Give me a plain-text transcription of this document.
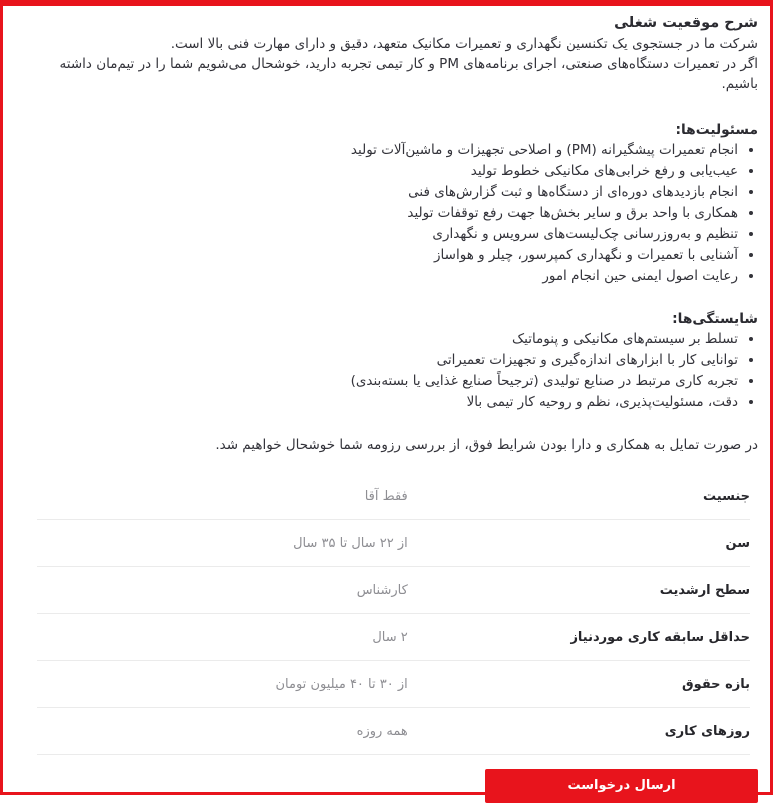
شرح موقعیت شغلی
شرکت ما در جستجوی یک تکنسین نگهداری و تعمیرات مکانیک متعهد، دقیق و دارای مهارت فنی بالا است.
اگر در تعمیرات دستگاه‌های صنعتی، اجرای برنامه‌های PM و کار تیمی تجربه دارید، خوشحال می‌شویم شما را در تیم‌مان داشته باشیم.
مسئولیت‌ها:
• انجام تعمیرات پیشگیرانه (PM) و اصلاحی تجهیزات و ماشین‌آلات تولید
• عیب‌یابی و رفع خرابی‌های مکانیکی خطوط تولید
• انجام بازدیدهای دوره‌ای از دستگاه‌ها و ثبت گزارش‌های فنی
• همکاری با واحد برق و سایر بخش‌ها جهت رفع توقفات تولید
• تنظیم و به‌روزرسانی چک‌لیست‌های سرویس و نگهداری
• آشنایی با تعمیرات و نگهداری کمپرسور، چیلر و هواساز
• رعایت اصول ایمنی حین انجام امور
شایستگی‌ها:
• تسلط بر سیستم‌های مکانیکی و پنوماتیک
• توانایی کار با ابزارهای اندازه‌گیری و تجهیزات تعمیراتی
• تجربه کاری مرتبط در صنایع تولیدی (ترجیحاً صنایع غذایی یا بسته‌بندی)
• دقت، مسئولیت‌پذیری، نظم و روحیه کار تیمی بالا
در صورت تمایل به همکاری و دارا بودن شرایط فوق، از بررسی رزومه شما خوشحال خواهیم شد.
جنسیت
فقط آقا
سن
از ۲۲ سال تا ۳۵ سال
سطح ارشدیت
کارشناس
حداقل سابقه کاری موردنیاز
۲ سال
بازه حقوق
از ۳۰ تا ۴۰ میلیون تومان
روزهای کاری
همه روزه
ارسال درخواست
